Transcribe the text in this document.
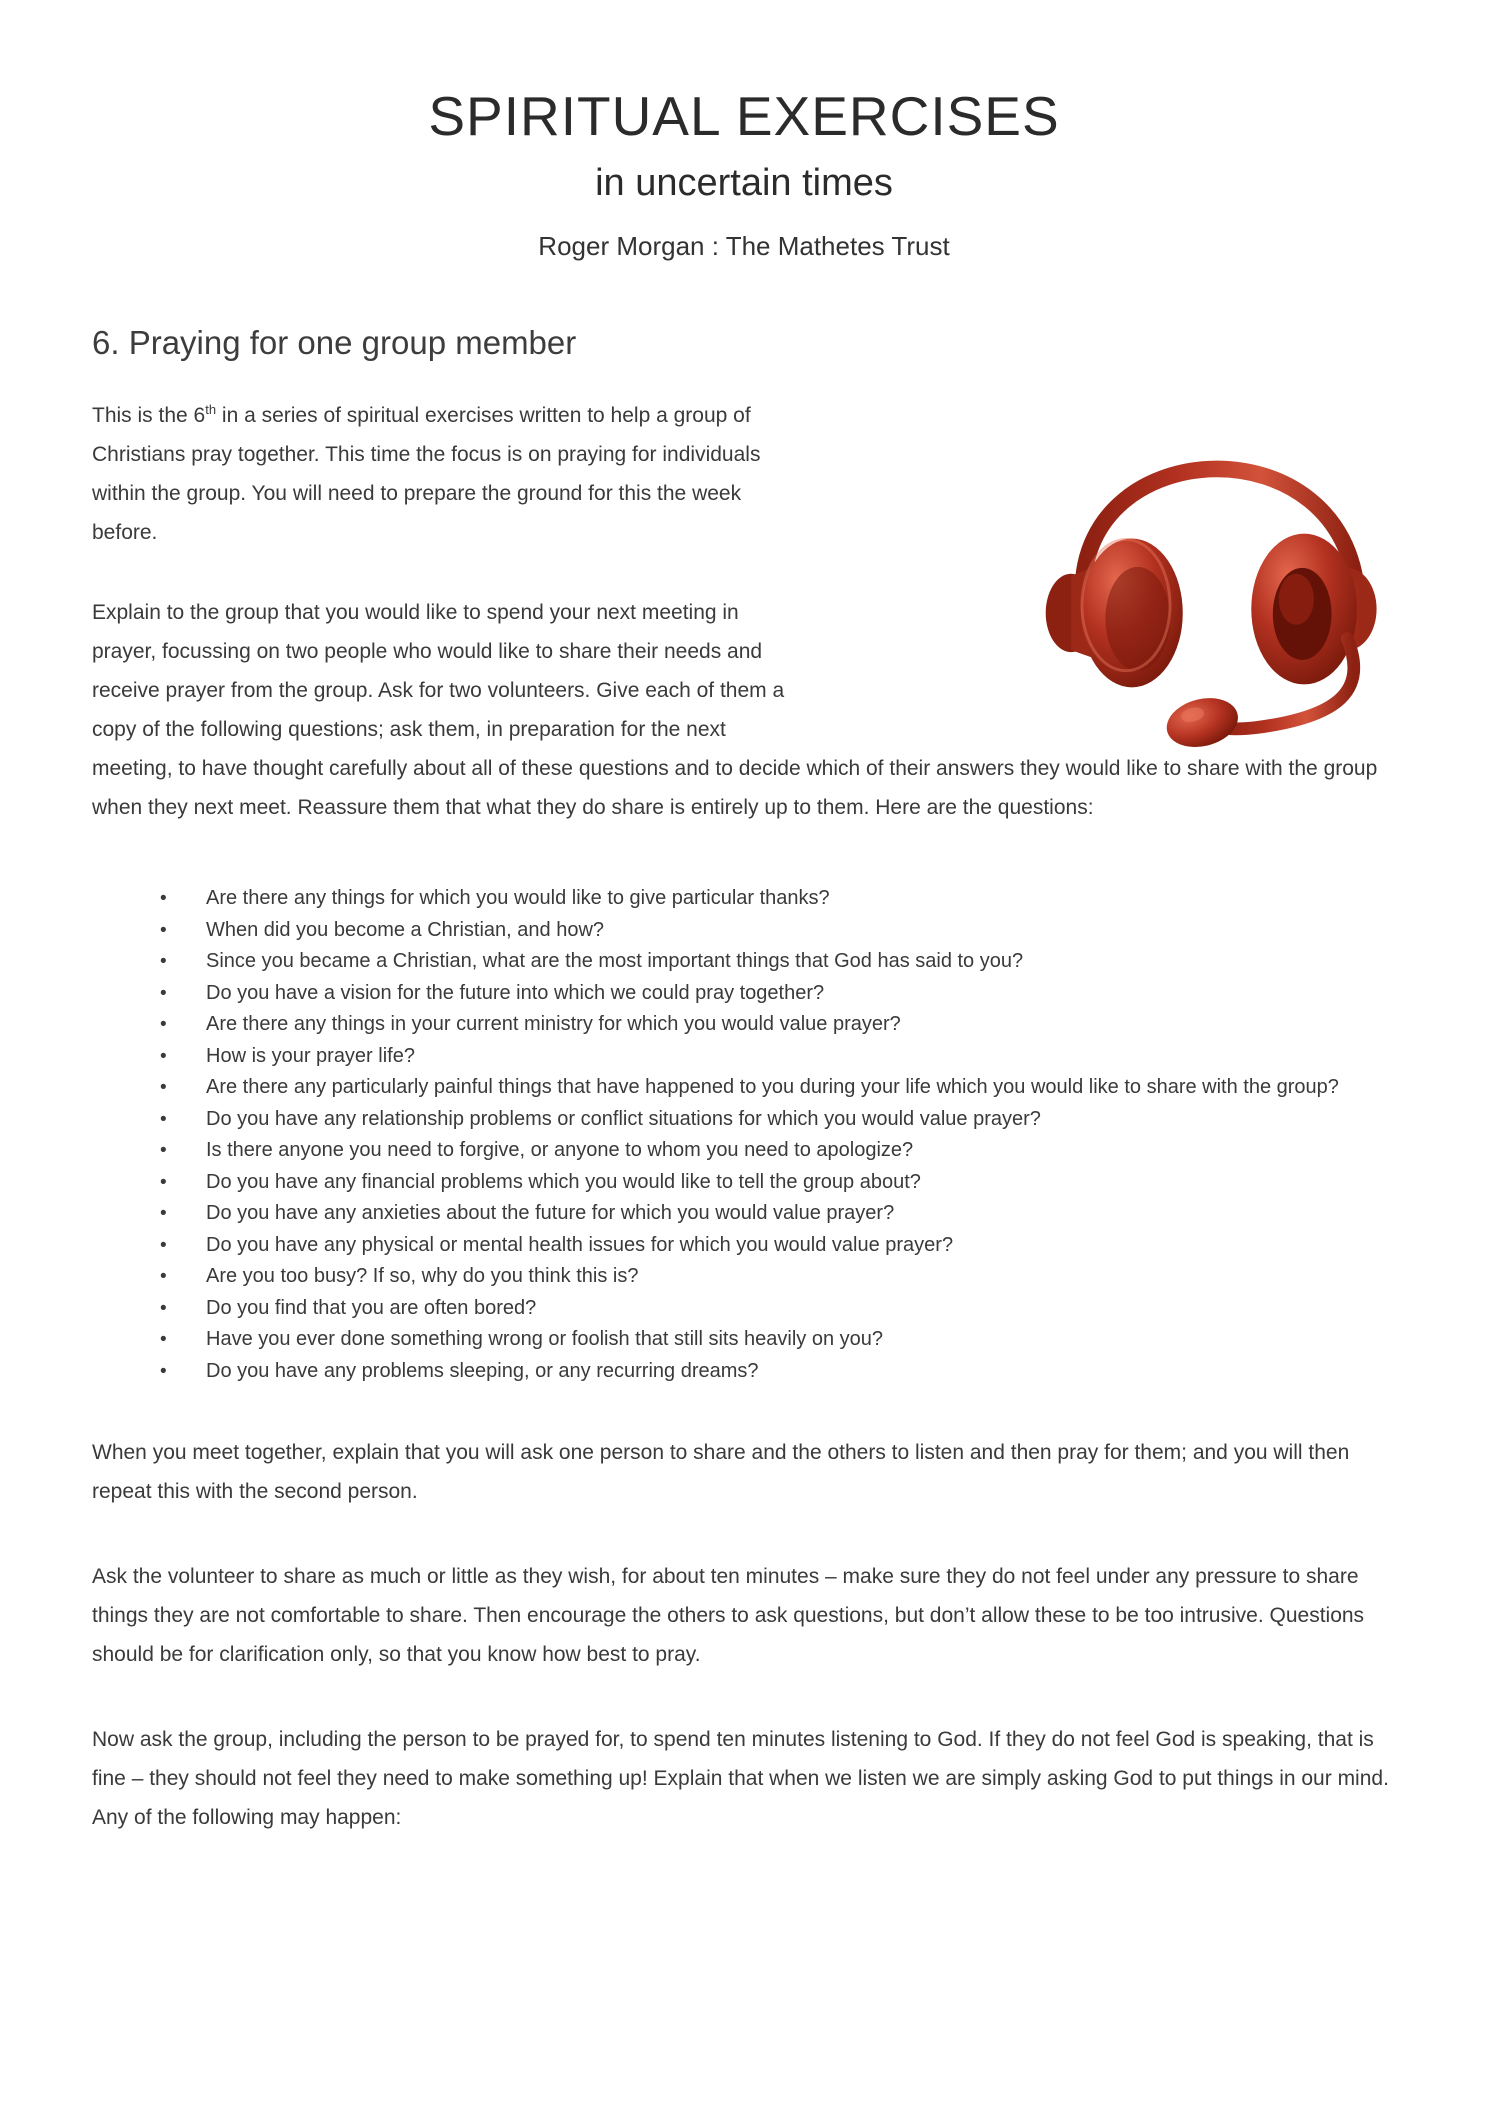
SPIRITUAL EXERCISES
in uncertain times

Roger Morgan : The Mathetes Trust

6. Praying for one group member

This is the 6th in a series of spiritual exercises written to help a group of Christians pray together. This time the focus is on praying for individuals within the group. You will need to prepare the ground for this the week before.

Explain to the group that you would like to spend your next meeting in prayer, focussing on two people who would like to share their needs and receive prayer from the group. Ask for two volunteers. Give each of them a copy of the following questions; ask them, in preparation for the next meeting, to have thought carefully about all of these questions and to decide which of their answers they would like to share with the group when they next meet. Reassure them that what they do share is entirely up to them. Here are the questions:

• Are there any things for which you would like to give particular thanks?
• When did you become a Christian, and how?
• Since you became a Christian, what are the most important things that God has said to you?
• Do you have a vision for the future into which we could pray together?
• Are there any things in your current ministry for which you would value prayer?
• How is your prayer life?
• Are there any particularly painful things that have happened to you during your life which you would like to share with the group?
• Do you have any relationship problems or conflict situations for which you would value prayer?
• Is there anyone you need to forgive, or anyone to whom you need to apologize?
• Do you have any financial problems which you would like to tell the group about?
• Do you have any anxieties about the future for which you would value prayer?
• Do you have any physical or mental health issues for which you would value prayer?
• Are you too busy? If so, why do you think this is?
• Do you find that you are often bored?
• Have you ever done something wrong or foolish that still sits heavily on you?
• Do you have any problems sleeping, or any recurring dreams?

When you meet together, explain that you will ask one person to share and the others to listen and then pray for them; and you will then repeat this with the second person.

Ask the volunteer to share as much or little as they wish, for about ten minutes – make sure they do not feel under any pressure to share things they are not comfortable to share. Then encourage the others to ask questions, but don’t allow these to be too intrusive. Questions should be for clarification only, so that you know how best to pray.

Now ask the group, including the person to be prayed for, to spend ten minutes listening to God. If they do not feel God is speaking, that is fine – they should not feel they need to make something up! Explain that when we listen we are simply asking God to put things in our mind. Any of the following may happen:
